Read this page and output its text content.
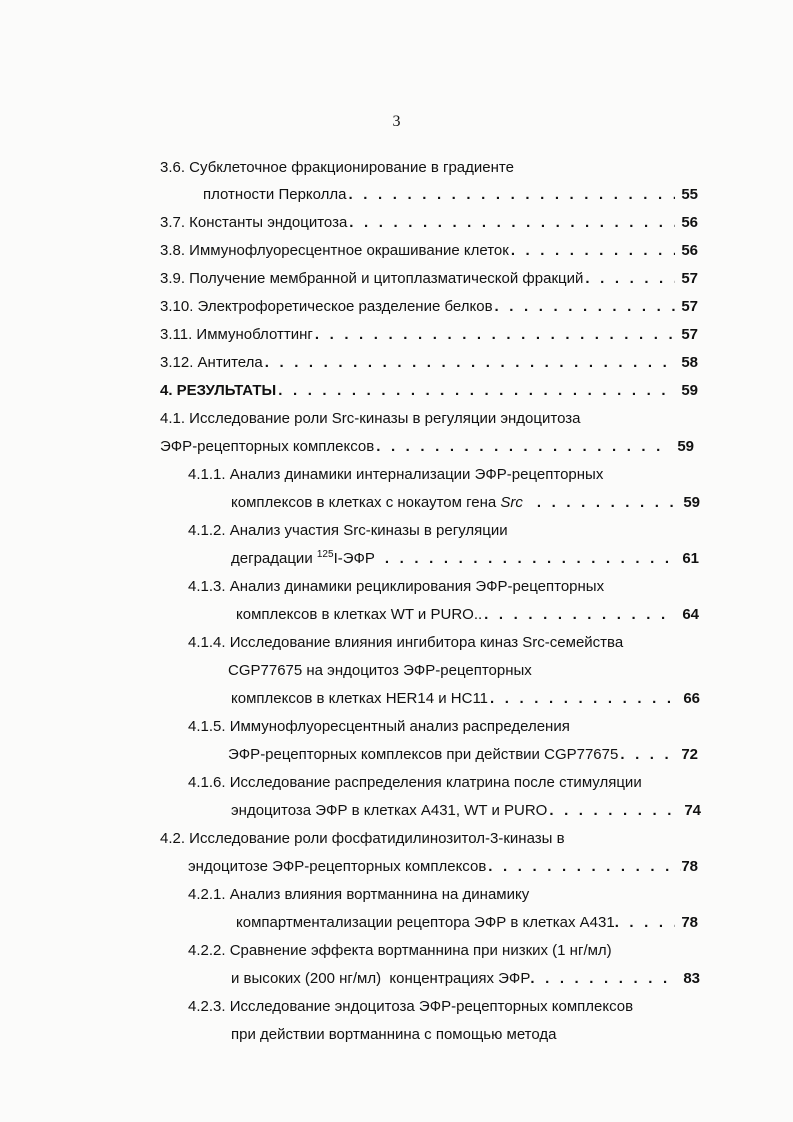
3
3.6. Субклеточное фракционирование в градиенте
плотности Перколла . . .	55
3.7. Константы эндоцитоза . . .	56
3.8. Иммунофлуоресцентное окрашивание клеток . . .	56
3.9. Получение мембранной и цитоплазматической фракций . . .	57
3.10. Электрофоретическое разделение белков . . .	57
3.11. Иммуноблоттинг . . .	57
3.12. Антитела . . .	58
4. РЕЗУЛЬТАТЫ . . .	59
4.1. Исследование роли Src-киназы в регуляции эндоцитоза
ЭФР-рецепторных комплексов . . .	59
4.1.1. Анализ динамики интернализации ЭФР-рецепторных
комплексов в клетках с нокаутом гена Src . . .	59
4.1.2. Анализ участия Src-киназы в регуляции
деградации $^{125}$I-ЭФР . . .	61
4.1.3. Анализ динамики рециклирования ЭФР-рецепторных
комплексов в клетках WT и PURO.. . . .	64
4.1.4. Исследование влияния ингибитора киназ Src-семейства
CGP77675 на эндоцитоз ЭФР-рецепторных
комплексов в клетках HER14 и HC11 . . .	66
4.1.5. Иммунофлуоресцентный анализ распределения
ЭФР-рецепторных комплексов при действии CGP77675 . . .	72
4.1.6. Исследование распределения клатрина после стимуляции
эндоцитоза ЭФР в клетках A431, WT и PURO . . .	74
4.2. Исследование роли фосфатидилинозитол-3-киназы в
эндоцитозе ЭФР-рецепторных комплексов . . .	78
4.2.1. Анализ влияния вортманнина на динамику
компартментализации рецептора ЭФР в клетках A431 . . .	78
4.2.2. Сравнение эффекта вортманнина при низких (1 нг/мл)
и высоких (200 нг/мл)  концентрациях ЭФР . . .	83
4.2.3. Исследование эндоцитоза ЭФР-рецепторных комплексов
при действии вортманнина с помощью метода
